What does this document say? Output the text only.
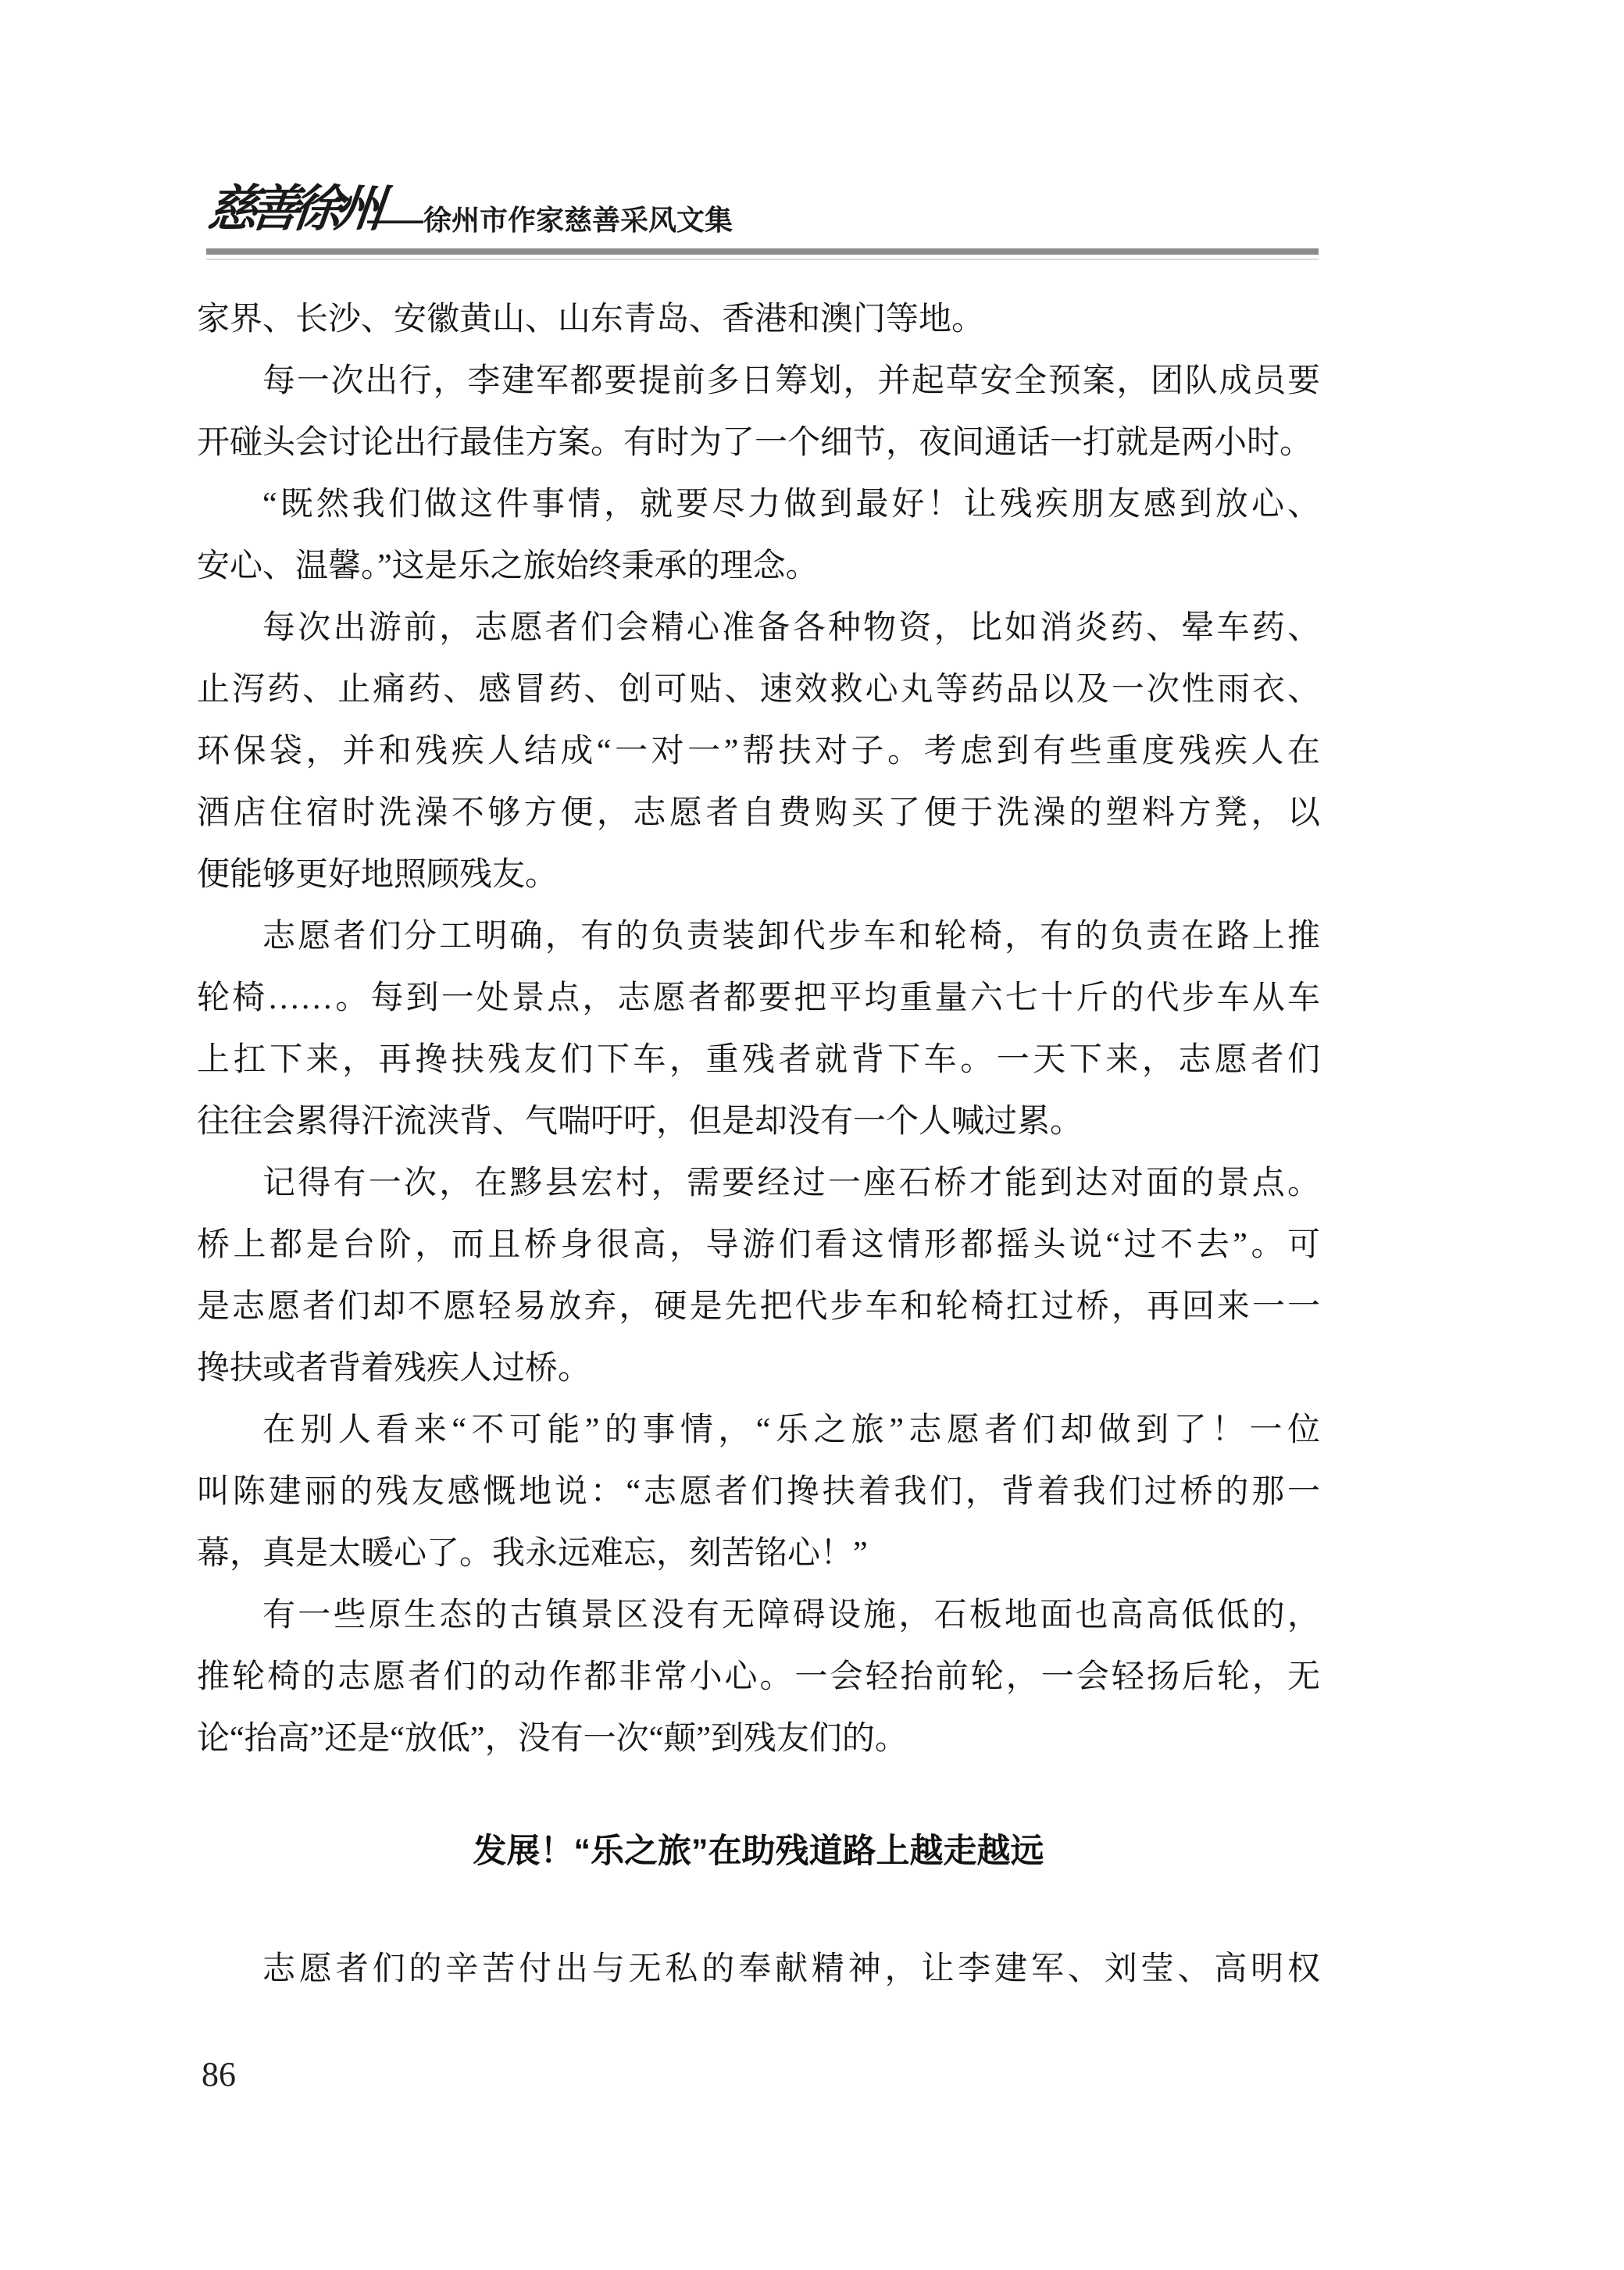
慈善徐州
——徐州市作家慈善采风文集
家界、长沙、安徽黄山、山东青岛、香港和澳门等地。
每一次出行，李建军都要提前多日筹划，并起草安全预案，团队成员要
开碰头会讨论出行最佳方案。有时为了一个细节，夜间通话一打就是两小时。
“既然我们做这件事情，就要尽力做到最好！让残疾朋友感到放心、
安心、温馨。”这是乐之旅始终秉承的理念。
每次出游前，志愿者们会精心准备各种物资，比如消炎药、晕车药、
止泻药、止痛药、感冒药、创可贴、速效救心丸等药品以及一次性雨衣、
环保袋，并和残疾人结成“一对一”帮扶对子。考虑到有些重度残疾人在
酒店住宿时洗澡不够方便，志愿者自费购买了便于洗澡的塑料方凳，以
便能够更好地照顾残友。
志愿者们分工明确，有的负责装卸代步车和轮椅，有的负责在路上推
轮椅……。每到一处景点，志愿者都要把平均重量六七十斤的代步车从车
上扛下来，再搀扶残友们下车，重残者就背下车。一天下来，志愿者们
往往会累得汗流浃背、气喘吁吁，但是却没有一个人喊过累。
记得有一次，在黟县宏村，需要经过一座石桥才能到达对面的景点。
桥上都是台阶，而且桥身很高，导游们看这情形都摇头说“过不去”。可
是志愿者们却不愿轻易放弃，硬是先把代步车和轮椅扛过桥，再回来一一
搀扶或者背着残疾人过桥。
在别人看来“不可能”的事情，“乐之旅”志愿者们却做到了！一位
叫陈建丽的残友感慨地说：“志愿者们搀扶着我们，背着我们过桥的那一
幕，真是太暖心了。我永远难忘，刻苦铭心！”
有一些原生态的古镇景区没有无障碍设施，石板地面也高高低低的，
推轮椅的志愿者们的动作都非常小心。一会轻抬前轮，一会轻扬后轮，无
论“抬高”还是“放低”，没有一次“颠”到残友们的。
发展！“乐之旅”在助残道路上越走越远
志愿者们的辛苦付出与无私的奉献精神，让李建军、刘莹、高明权
86
